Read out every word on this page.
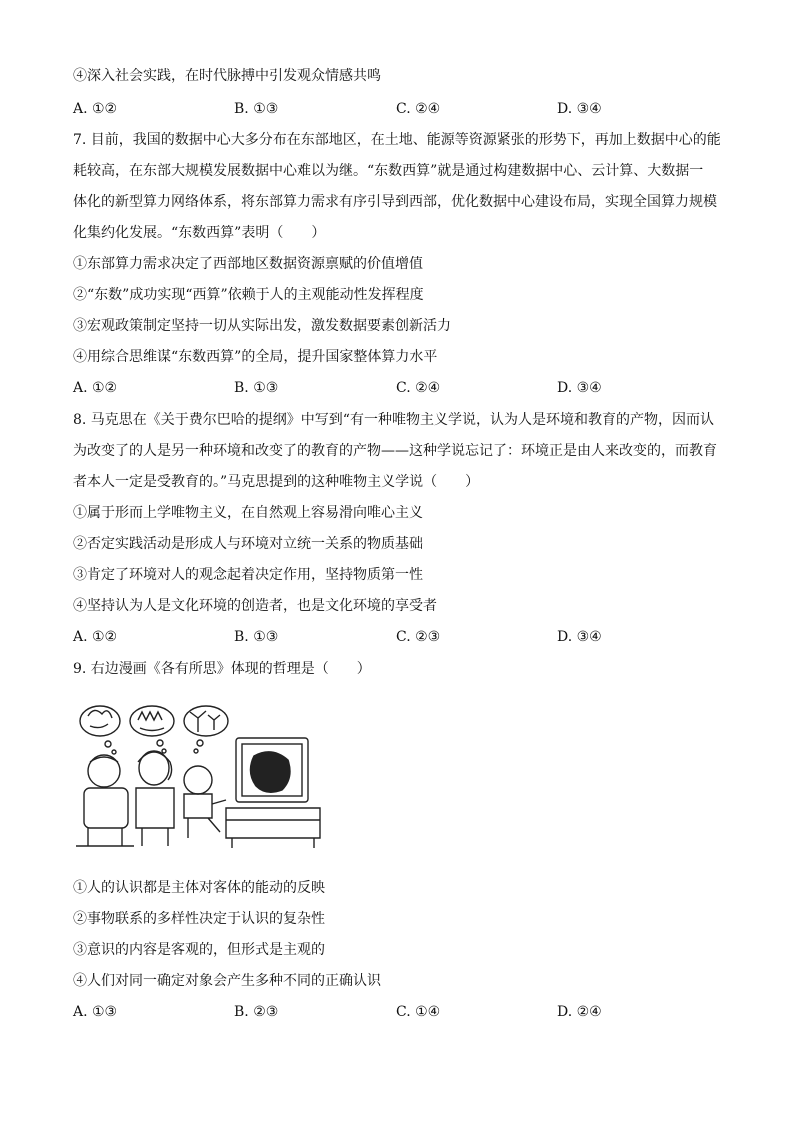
④深入社会实践，在时代脉搏中引发观众情感共鸣
A. ①②	B. ①③	C. ②④	D. ③④
7. 目前，我国的数据中心大多分布在东部地区，在土地、能源等资源紧张的形势下，再加上数据中心的能
耗较高，在东部大规模发展数据中心难以为继。“东数西算”就是通过构建数据中心、云计算、大数据一
体化的新型算力网络体系，将东部算力需求有序引导到西部，优化数据中心建设布局，实现全国算力规模
化集约化发展。“东数西算”表明（　　）
①东部算力需求决定了西部地区数据资源禀赋的价值增值
②“东数”成功实现“西算”依赖于人的主观能动性发挥程度
③宏观政策制定坚持一切从实际出发，激发数据要素创新活力
④用综合思维谋“东数西算”的全局，提升国家整体算力水平
A. ①②	B. ①③	C. ②④	D. ③④
8. 马克思在《关于费尔巴哈的提纲》中写到“有一种唯物主义学说，认为人是环境和教育的产物，因而认
为改变了的人是另一种环境和改变了的教育的产物——这种学说忘记了：环境正是由人来改变的，而教育
者本人一定是受教育的。”马克思提到的这种唯物主义学说（　　）
①属于形而上学唯物主义，在自然观上容易滑向唯心主义
②否定实践活动是形成人与环境对立统一关系的物质基础
③肯定了环境对人的观念起着决定作用，坚持物质第一性
④坚持认为人是文化环境的创造者，也是文化环境的享受者
A. ①②	B. ①③	C. ②③	D. ③④
9. 右边漫画《各有所思》体现的哲理是（　　）
①人的认识都是主体对客体的能动的反映
②事物联系的多样性决定于认识的复杂性
③意识的内容是客观的，但形式是主观的
④人们对同一确定对象会产生多种不同的正确认识
A. ①③	B. ②③	C. ①④	D. ②④
